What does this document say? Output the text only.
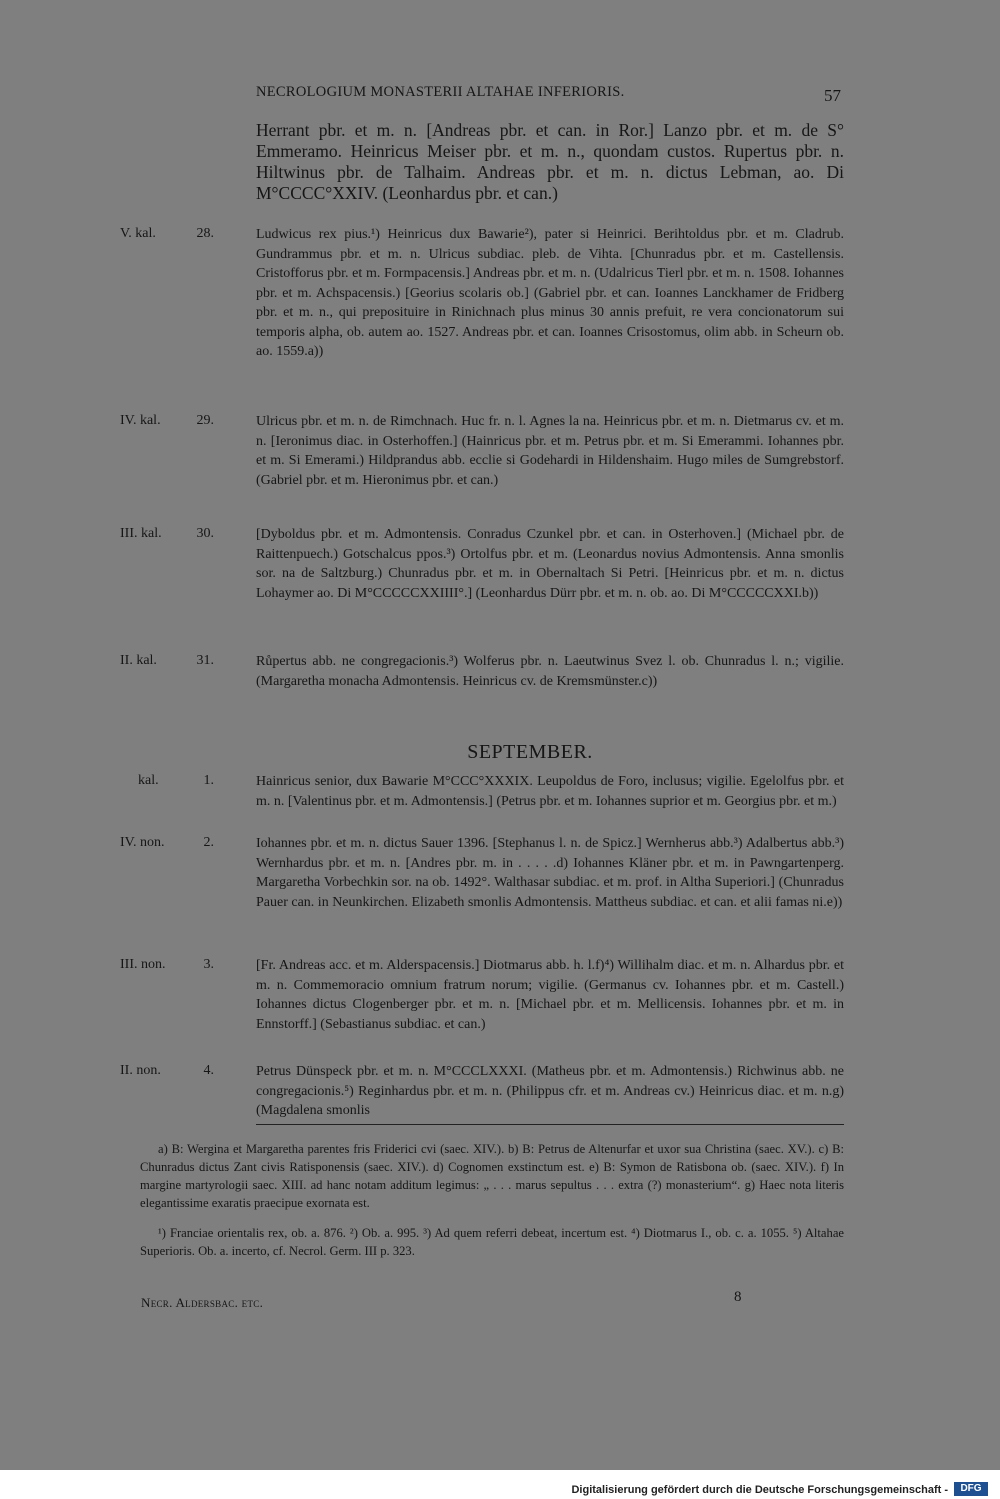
NECROLOGIUM MONASTERII ALTAHAE INFERIORIS.	57

Herrant pbr. et m. n. [Andreas pbr. et can. in Ror.] Lanzo pbr. et m. de S° Emmeramo. Heinricus Meiser pbr. et m. n., quondam custos. Rupertus pbr. n. Hiltwinus pbr. de Talhaim. Andreas pbr. et m. n. dictus Lebman, ao. Di M°CCCC°XXIV. (Leonhardus pbr. et can.)

V. kal.	28.	Ludwicus rex pius.¹) Heinricus dux Bawarie²), pater si Heinrici. Berihtoldus pbr. et m. Cladrub. Gundrammus pbr. et m. n. Ulricus subdiac. pleb. de Vihta. [Chunradus pbr. et m. Castellensis. Cristofforus pbr. et m. Formpacensis.] Andreas pbr. et m. n. (Udalricus Tierl pbr. et m. n. 1508. Iohannes pbr. et m. Achspacensis.) [Georius scolaris ob.] (Gabriel pbr. et can. Ioannes Lanckhamer de Fridberg pbr. et m. n., qui preposituire in Rinichnach plus minus 30 annis prefuit, re vera concionatorum sui temporis alpha, ob. autem ao. 1527. Andreas pbr. et can. Ioannes Crisostomus, olim abb. in Scheurn ob. ao. 1559.a))

IV. kal.	29.	Ulricus pbr. et m. n. de Rimchnach. Huc fr. n. l. Agnes la na. Heinricus pbr. et m. n. Dietmarus cv. et m. n. [Ieronimus diac. in Osterhoffen.] (Hainricus pbr. et m. Petrus pbr. et m. Si Emerammi. Iohannes pbr. et m. Si Emerami.) Hildprandus abb. ecclie si Godehardi in Hildenshaim. Hugo miles de Sumgrebstorf. (Gabriel pbr. et m. Hieronimus pbr. et can.)

III. kal.	30.	[Dyboldus pbr. et m. Admontensis. Conradus Czunkel pbr. et can. in Osterhoven.] (Michael pbr. de Raittenpuech.) Gotschalcus ppos.³) Ortolfus pbr. et m. (Leonardus novius Admontensis. Anna smonlis sor. na de Saltzburg.) Chunradus pbr. et m. in Obernaltach Si Petri. [Heinricus pbr. et m. n. dictus Lohaymer ao. Di M°CCCCCXXIIII°.] (Leonhardus Dürr pbr. et m. n. ob. ao. Di M°CCCCCXXI.b))

II. kal.	31.	Růpertus abb. ne congregacionis.³) Wolferus pbr. n. Laeutwinus Svez l. ob. Chunradus l. n.; vigilie. (Margaretha monacha Admontensis. Heinricus cv. de Kremsmünster.c))

SEPTEMBER.
kal.	1.	Hainricus senior, dux Bawarie M°CCC°XXXIX. Leupoldus de Foro, inclusus; vigilie. Egelolfus pbr. et m. n. [Valentinus pbr. et m. Admontensis.] (Petrus pbr. et m. Iohannes suprior et m. Georgius pbr. et m.)

IV. non.	2.	Iohannes pbr. et m. n. dictus Sauer 1396. [Stephanus l. n. de Spicz.] Wernherus abb.³) Adalbertus abb.³) Wernhardus pbr. et m. n. [Andres pbr. m. in . . . . .d) Iohannes Kläner pbr. et m. in Pawngartenperg. Margaretha Vorbechkin sor. na ob. 1492°. Walthasar subdiac. et m. prof. in Altha Superiori.] (Chunradus Pauer can. in Neunkirchen. Elizabeth smonlis Admontensis. Mattheus subdiac. et can. et alii famas ni.e))

III. non.	3.	[Fr. Andreas acc. et m. Alderspacensis.] Diotmarus abb. h. l.f)⁴) Willihalm diac. et m. n. Alhardus pbr. et m. n. Commemoracio omnium fratrum norum; vigilie. (Germanus cv. Iohannes pbr. et m. Castell.) Iohannes dictus Clogenberger pbr. et m. n. [Michael pbr. et m. Mellicensis. Iohannes pbr. et m. in Ennstorff.] (Sebastianus subdiac. et can.)

II. non.	4.	Petrus Dünspeck pbr. et m. n. M°CCCLXXXI. (Matheus pbr. et m. Admontensis.) Richwinus abb. ne congregacionis.⁵) Reginhardus pbr. et m. n. (Philippus cfr. et m. Andreas cv.) Heinricus diac. et m. n.g) (Magdalena smonlis

a) B: Wergina et Margaretha parentes fris Friderici cvi (saec. XIV.). b) B: Petrus de Altenurfar et uxor sua Christina (saec. XV.). c) B: Chunradus dictus Zant civis Ratisponensis (saec. XIV.). d) Cognomen exstinctum est. e) B: Symon de Ratisbona ob. (saec. XIV.). f) In margine martyrologii saec. XIII. ad hanc notam additum legimus: „ . . . marus sepultus . . . extra (?) monasterium“. g) Haec nota literis elegantissime exaratis praecipue exornata est.

¹) Franciae orientalis rex, ob. a. 876. ²) Ob. a. 995. ³) Ad quem referri debeat, incertum est. ⁴) Diotmarus I., ob. c. a. 1055. ⁵) Altahae Superioris. Ob. a. incerto, cf. Necrol. Germ. III p. 323.

Necr. Aldersbac. etc.	8
Digitalisierung gefördert durch die Deutsche Forschungsgemeinschaft -	DFG
